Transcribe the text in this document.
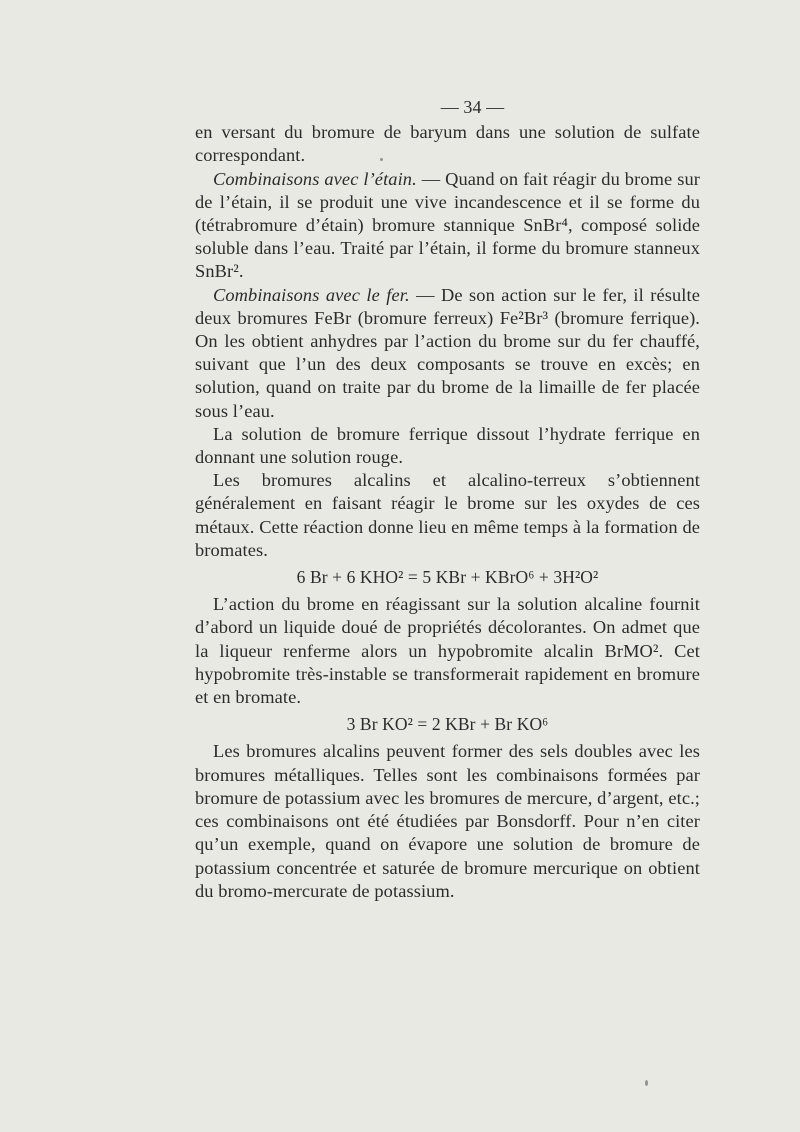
— 34 —

en versant du bromure de baryum dans une solution de sulfate correspondant.

Combinaisons avec l’étain. — Quand on fait réagir du brome sur de l’étain, il se produit une vive incandescence et il se forme du (tétrabromure d’étain) bromure stannique SnBr⁴, composé solide soluble dans l’eau. Traité par l’étain, il forme du bromure stanneux SnBr².

Combinaisons avec le fer. — De son action sur le fer, il résulte deux bromures FeBr (bromure ferreux) Fe²Br³ (bromure ferrique). On les obtient anhydres par l’action du brome sur du fer chauffé, suivant que l’un des deux composants se trouve en excès; en solution, quand on traite par du brome de la limaille de fer placée sous l’eau.

La solution de bromure ferrique dissout l’hydrate ferrique en donnant une solution rouge.

Les bromures alcalins et alcalino-terreux s’obtiennent généralement en faisant réagir le brome sur les oxydes de ces métaux. Cette réaction donne lieu en même temps à la formation de bromates.

6 Br + 6 KHO² = 5 KBr + KBrO⁶ + 3H²O²

L’action du brome en réagissant sur la solution alcaline fournit d’abord un liquide doué de propriétés décolorantes. On admet que la liqueur renferme alors un hypobromite alcalin BrMO². Cet hypobromite très-instable se transformerait rapidement en bromure et en bromate.

3 Br KO² = 2 KBr + Br KO⁶

Les bromures alcalins peuvent former des sels doubles avec les bromures métalliques. Telles sont les combinaisons formées par bromure de potassium avec les bromures de mercure, d’argent, etc.; ces combinaisons ont été étudiées par Bonsdorff. Pour n’en citer qu’un exemple, quand on évapore une solution de bromure de potassium concentrée et saturée de bromure mercurique on obtient du bromo-mercurate de potassium.
